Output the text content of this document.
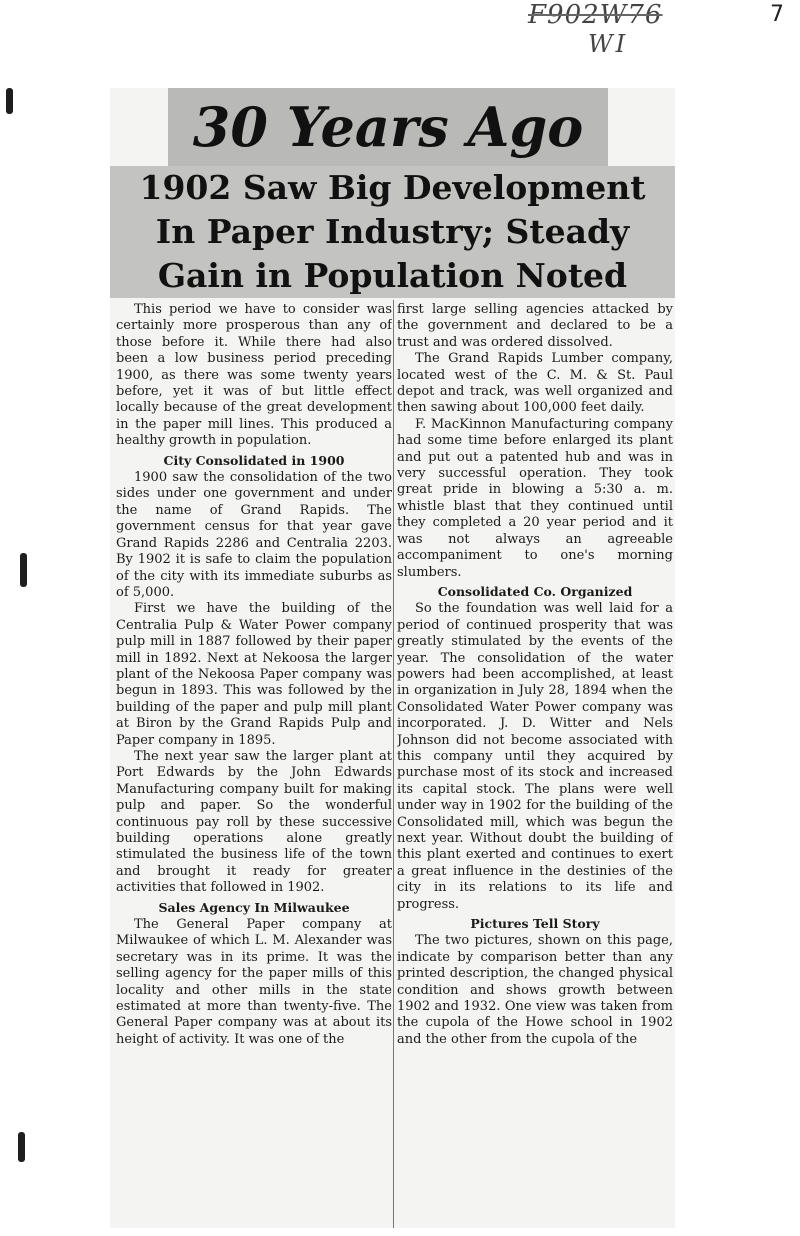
F902W76
WI
7
30 Years Ago
1902 Saw Big Development
In Paper Industry; Steady
Gain in Population Noted

This period we have to consider was certainly more prosperous than any of those before it. While there had also been a low business period preceding 1900, as there was some twenty years before, yet it was of but little effect locally because of the great development in the paper mill lines. This produced a healthy growth in population.

City Consolidated in 1900

1900 saw the consolidation of the two sides under one government and under the name of Grand Rapids. The government census for that year gave Grand Rapids 2286 and Centralia 2203. By 1902 it is safe to claim the population of the city with its immediate suburbs as of 5,000.

First we have the building of the Centralia Pulp & Water Power company pulp mill in 1887 followed by their paper mill in 1892. Next at Nekoosa the larger plant of the Nekoosa Paper company was begun in 1893. This was followed by the building of the paper and pulp mill plant at Biron by the Grand Rapids Pulp and Paper company in 1895.

The next year saw the larger plant at Port Edwards by the John Edwards Manufacturing company built for making pulp and paper. So the wonderful continuous pay roll by these successive building operations alone greatly stimulated the business life of the town and brought it ready for greater activities that followed in 1902.

Sales Agency In Milwaukee

The General Paper company at Milwaukee of which L. M. Alexander was secretary was in its prime. It was the selling agency for the paper mills of this locality and other mills in the state estimated at more than twenty-five. The General Paper company was at about its height of activity. It was one of the

first large selling agencies attacked by the government and declared to be a trust and was ordered dissolved.

The Grand Rapids Lumber company, located west of the C. M. & St. Paul depot and track, was well organized and then sawing about 100,000 feet daily.

F. MacKinnon Manufacturing company had some time before enlarged its plant and put out a patented hub and was in very successful operation. They took great pride in blowing a 5:30 a. m. whistle blast that they continued until they completed a 20 year period and it was not always an agreeable accompaniment to one's morning slumbers.

Consolidated Co. Organized

So the foundation was well laid for a period of continued prosperity that was greatly stimulated by the events of the year. The consolidation of the water powers had been accomplished, at least in organization in July 28, 1894 when the Consolidated Water Power company was incorporated. J. D. Witter and Nels Johnson did not become associated with this company until they acquired by purchase most of its stock and increased its capital stock. The plans were well under way in 1902 for the building of the Consolidated mill, which was begun the next year. Without doubt the building of this plant exerted and continues to exert a great influence in the destinies of the city in its relations to its life and progress.

Pictures Tell Story

The two pictures, shown on this page, indicate by comparison better than any printed description, the changed physical condition and shows growth between 1902 and 1932. One view was taken from the cupola of the Howe school in 1902 and the other from the cupola of the
